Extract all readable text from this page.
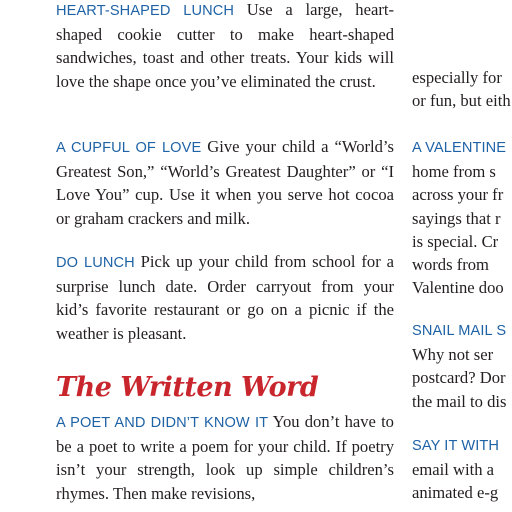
HEART-SHAPED LUNCH Use a large, heart-shaped cookie cutter to make heart-shaped sandwiches, toast and other treats. Your kids will love the shape once you’ve eliminated the crust.

A CUPFUL OF LOVE Give your child a “World’s Greatest Son,” “World’s Greatest Daughter” or “I Love You” cup. Use it when you serve hot cocoa or graham crackers and milk.

DO LUNCH Pick up your child from school for a surprise lunch date. Order carryout from your kid’s favorite restaurant or go on a picnic if the weather is pleasant.

The Written Word

A POET AND DIDN’T KNOW IT You don’t have to be a poet to write a poem for your child. If poetry isn’t your strength, look up simple children’s rhymes. Then make revisions,

especially for
or fun, but eith

A VALENTINE
home from s
across your fr
sayings that r
is special. Cr
words from
Valentine doo

SNAIL MAIL S
Why not ser
postcard? Dor
the mail to dis

SAY IT WITH
email with a
animated e-g
